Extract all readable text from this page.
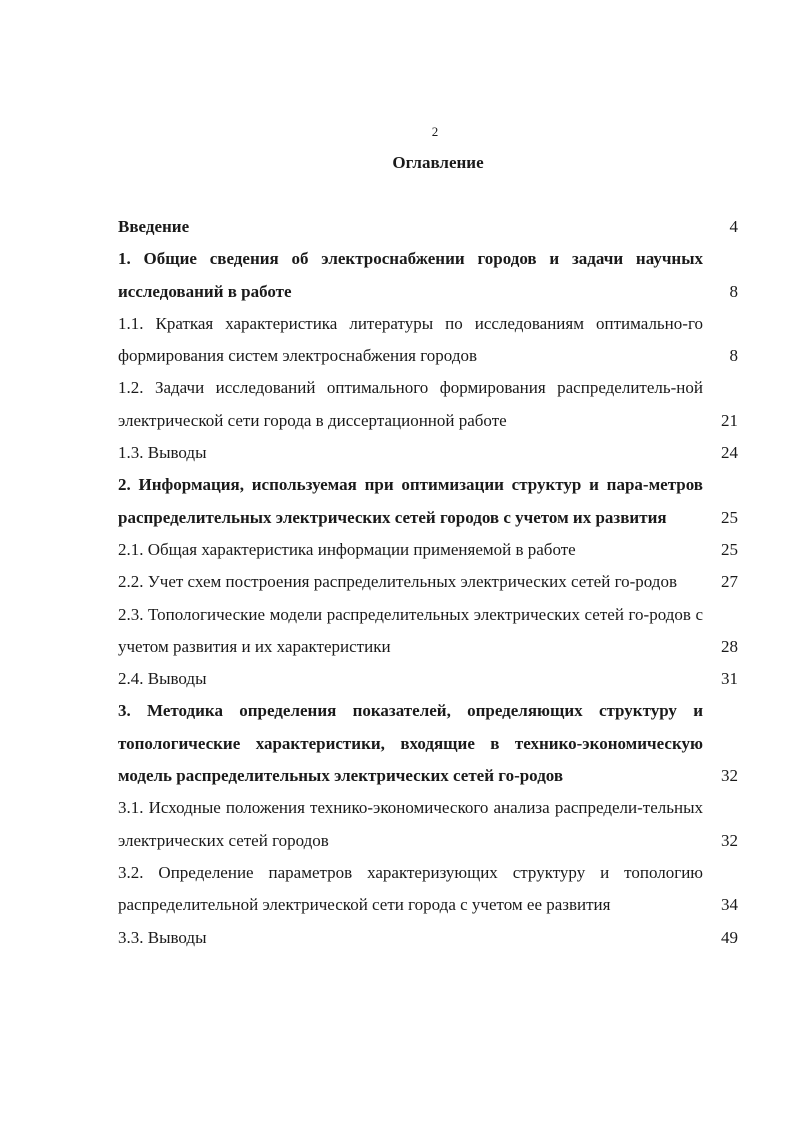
2
Оглавление
Введение	4
1. Общие сведения об электроснабжении городов и задачи научных исследований в работе	8
1.1. Краткая характеристика литературы по исследованиям оптимально-го формирования систем электроснабжения городов	8
1.2. Задачи исследований оптимального формирования распределитель-ной электрической сети города в диссертационной работе	21
1.3. Выводы	24
2. Информация, используемая при оптимизации структур и пара-метров распределительных электрических сетей городов с учетом их развития	25
2.1. Общая характеристика информации применяемой в работе	25
2.2. Учет схем построения распределительных электрических сетей го-родов	27
2.3. Топологические модели распределительных электрических сетей го-родов с учетом развития и их характеристики	28
2.4. Выводы	31
3. Методика определения показателей, определяющих структуру и топологические характеристики, входящие в технико-экономическую модель распределительных электрических сетей го-родов	32
3.1. Исходные положения технико-экономического анализа распредели-тельных электрических сетей городов	32
3.2. Определение параметров характеризующих структуру и топологию распределительной электрической сети города с учетом ее развития	34
3.3. Выводы	49
